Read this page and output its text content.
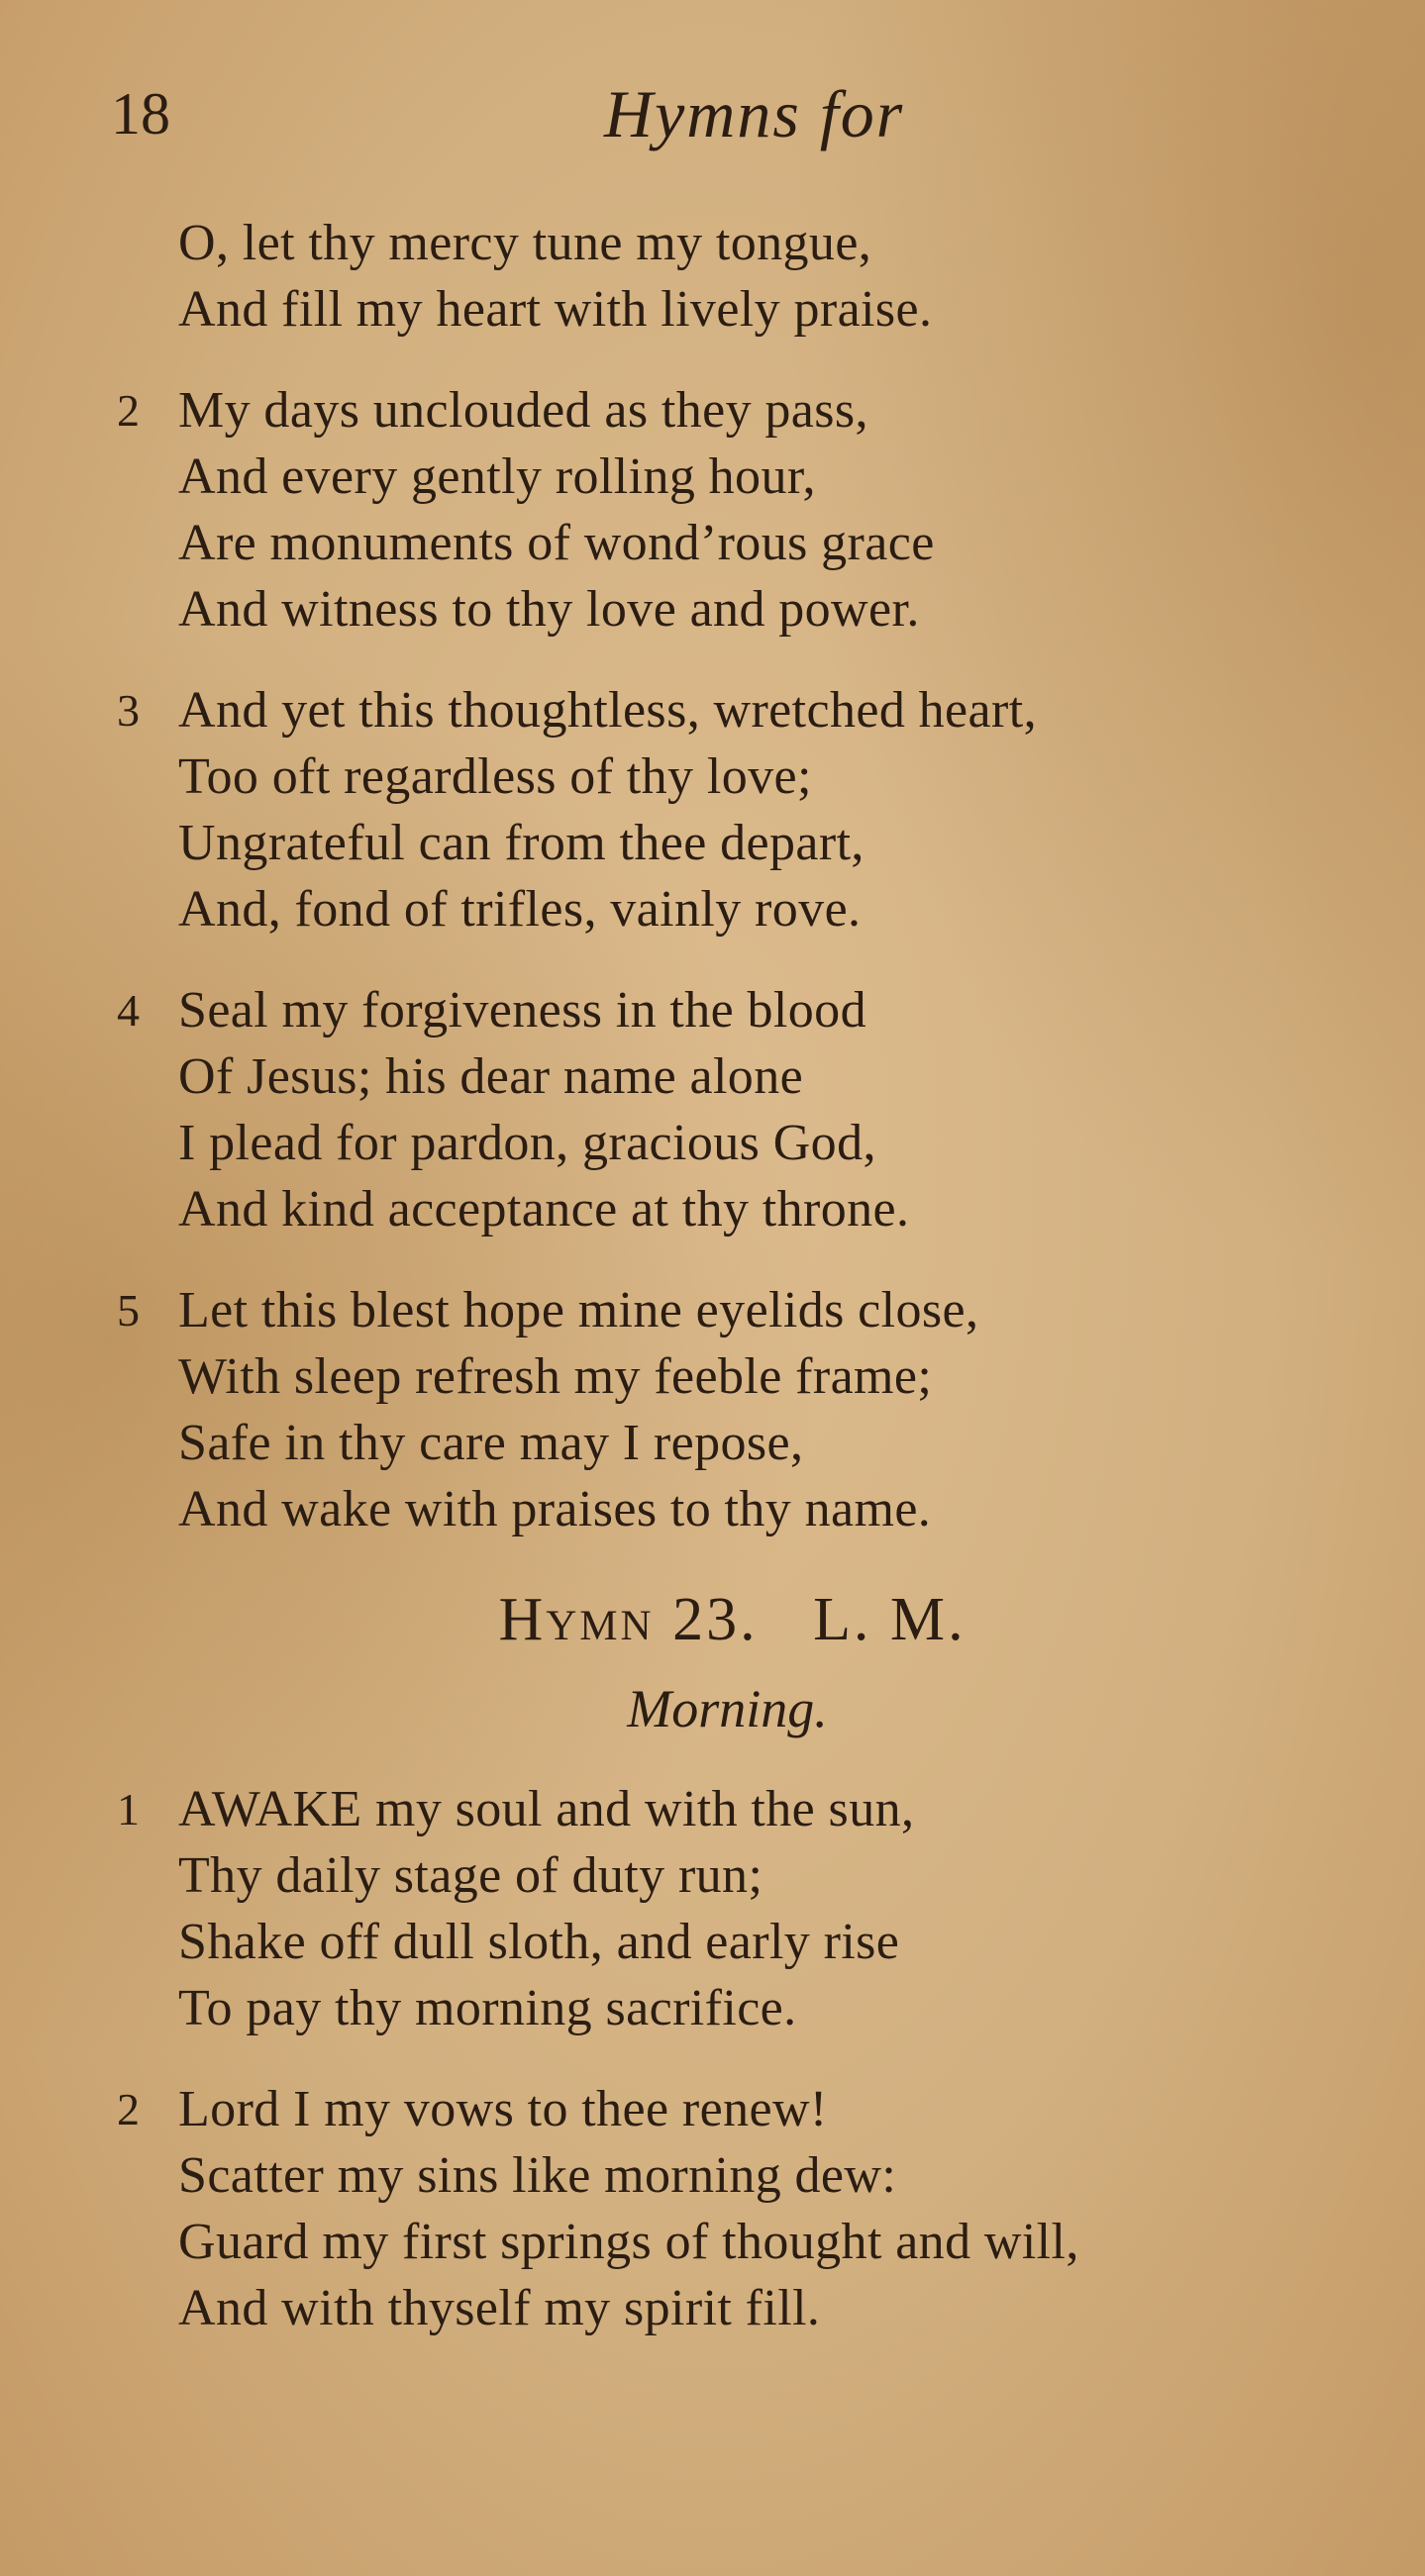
18	Hymns for
O, let thy mercy tune my tongue,
And fill my heart with lively praise.
2 My days unclouded as they pass,
And every gently rolling hour,
Are monuments of wond’rous grace
And witness to thy love and power.
3 And yet this thoughtless, wretched heart,
Too oft regardless of thy love;
Ungrateful can from thee depart,
And, fond of trifles, vainly rove.
4 Seal my forgiveness in the blood
Of Jesus; his dear name alone
I plead for pardon, gracious God,
And kind acceptance at thy throne.
5 Let this blest hope mine eyelids close,
With sleep refresh my feeble frame;
Safe in thy care may I repose,
And wake with praises to thy name.
Hymn 23. L. M.
Morning.
1 AWAKE my soul and with the sun,
Thy daily stage of duty run;
Shake off dull sloth, and early rise
To pay thy morning sacrifice.
2 Lord I my vows to thee renew!
Scatter my sins like morning dew:
Guard my first springs of thought and will,
And with thyself my spirit fill.
